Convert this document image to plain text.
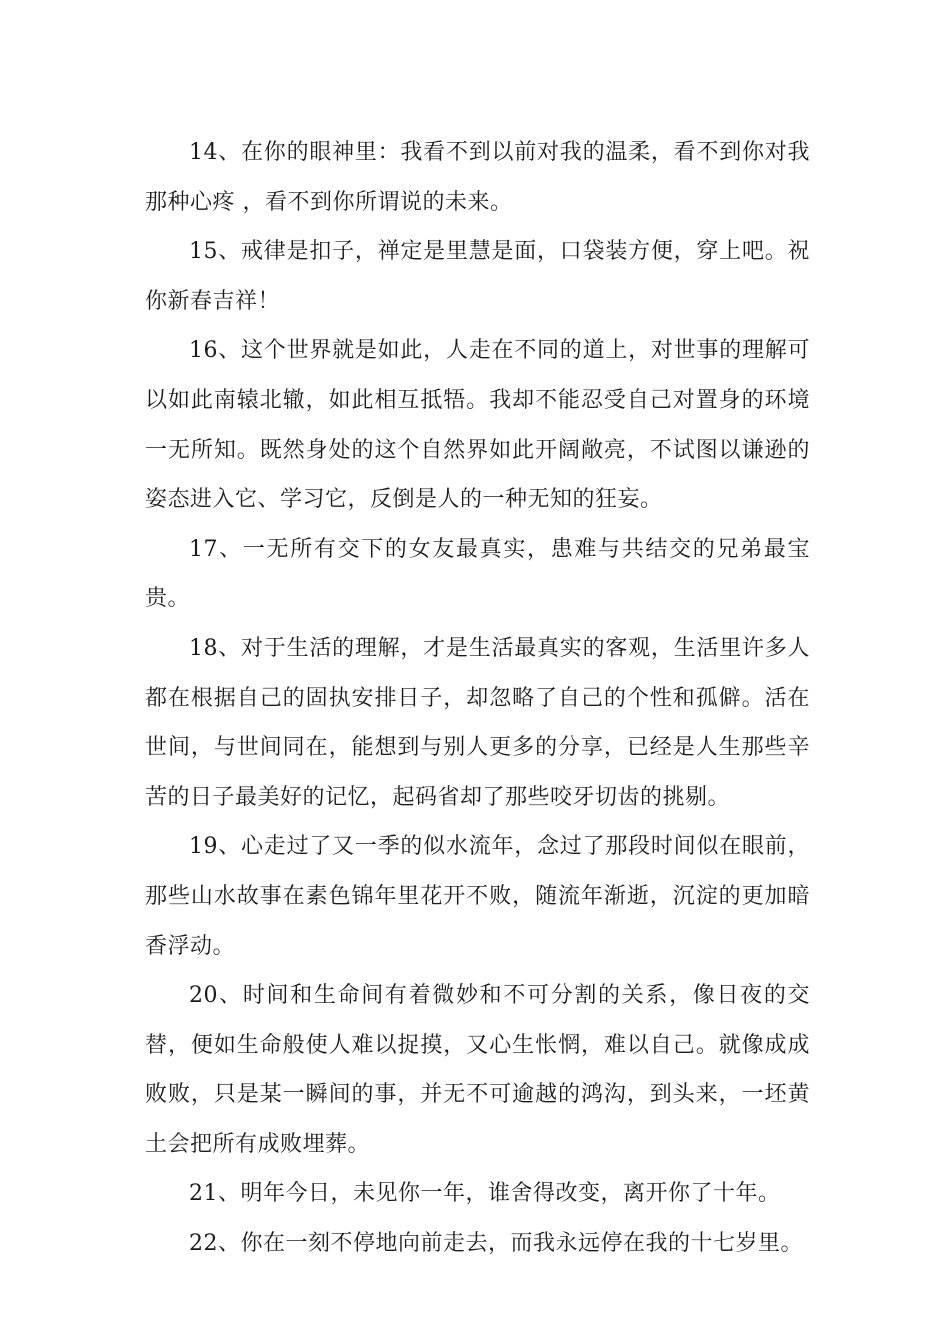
14、在你的眼神里：我看不到以前对我的温柔，看不到你对我那种心疼 ，看不到你所谓说的未来。

15、戒律是扣子，禅定是里慧是面，口袋装方便，穿上吧。祝你新春吉祥！

16、这个世界就是如此，人走在不同的道上，对世事的理解可以如此南辕北辙，如此相互抵牾。我却不能忍受自己对置身的环境一无所知。既然身处的这个自然界如此开阔敞亮，不试图以谦逊的姿态进入它、学习它，反倒是人的一种无知的狂妄。

17、一无所有交下的女友最真实，患难与共结交的兄弟最宝贵。

18、对于生活的理解，才是生活最真实的客观，生活里许多人都在根据自己的固执安排日子，却忽略了自己的个性和孤僻。活在世间，与世间同在，能想到与别人更多的分享，已经是人生那些辛苦的日子最美好的记忆，起码省却了那些咬牙切齿的挑剔。

19、心走过了又一季的似水流年，念过了那段时间似在眼前，那些山水故事在素色锦年里花开不败，随流年渐逝，沉淀的更加暗香浮动。

20、时间和生命间有着微妙和不可分割的关系，像日夜的交替，便如生命般使人难以捉摸，又心生怅惘，难以自己。就像成成败败，只是某一瞬间的事，并无不可逾越的鸿沟，到头来，一坯黄土会把所有成败埋葬。

21、明年今日，未见你一年，谁舍得改变，离开你了十年。

22、你在一刻不停地向前走去，而我永远停在我的十七岁里。
